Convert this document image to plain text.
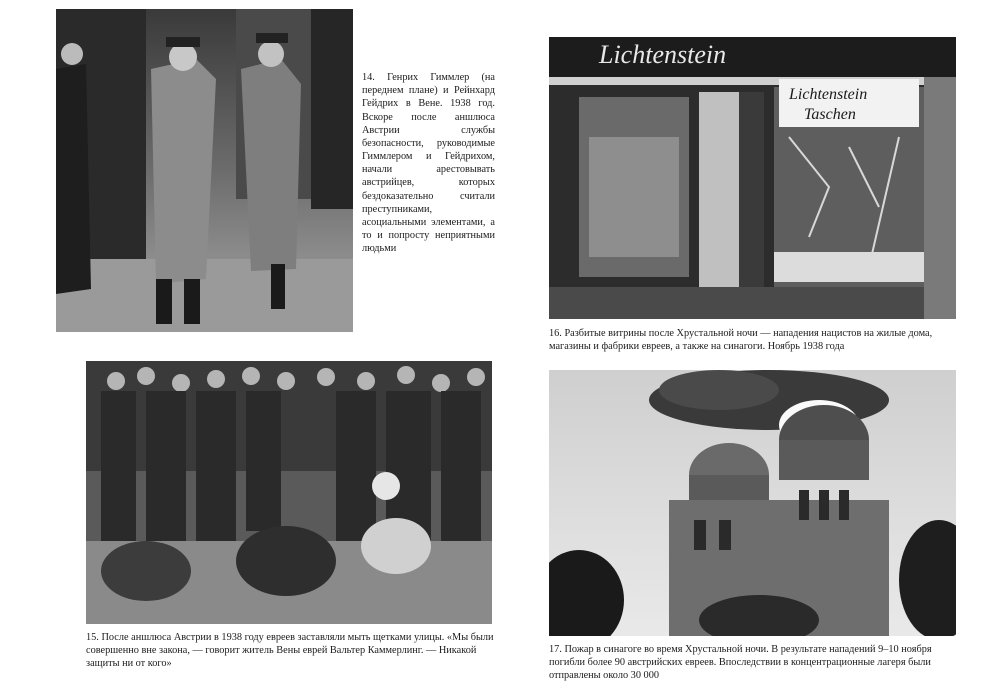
14. Генрих Гиммлер (на переднем плане) и Рейнхард Гейдрих в Вене. 1938 год. Вскоре после аншлюса Австрии службы безопасности, руководимые Гиммлером и Гейдрихом, начали арестовывать австрийцев, которых бездоказательно считали преступниками, асоциальными элементами, а то и попросту неприятными людьми
Lichtenstein
Lichtenstein
Taschen
16. Разбитые витрины после Хрустальной ночи — нападения нацистов на жилые дома, магазины и фабрики евреев, а также на синагоги. Ноябрь 1938 года
15. После аншлюса Австрии в 1938 году евреев заставляли мыть щетками улицы. «Мы были совершенно вне закона, — говорит житель Вены еврей Вальтер Каммерлинг. — Никакой защиты ни от кого»
17. Пожар в синагоге во время Хрустальной ночи. В результате нападений 9–10 ноября погибли более 90 австрийских евреев. Впоследствии в концентрационные лагеря были отправлены около 30 000
